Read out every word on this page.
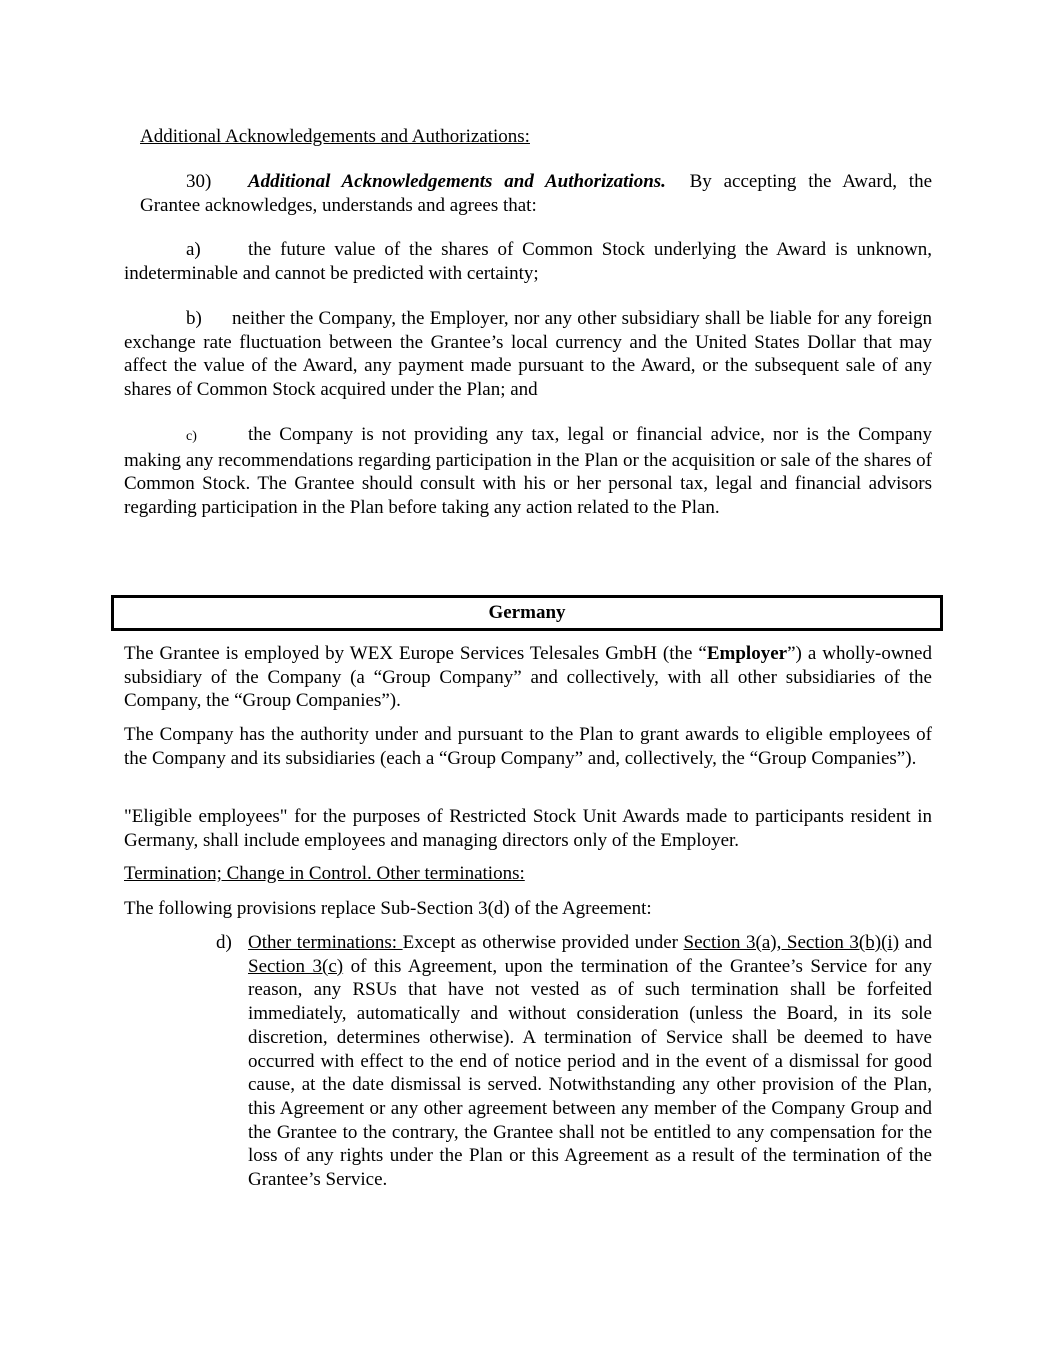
Additional Acknowledgements and Authorizations:

30) Additional Acknowledgements and Authorizations. By accepting the Award, the Grantee acknowledges, understands and agrees that:

a) the future value of the shares of Common Stock underlying the Award is unknown, indeterminable and cannot be predicted with certainty;

b) neither the Company, the Employer, nor any other subsidiary shall be liable for any foreign exchange rate fluctuation between the Grantee’s local currency and the United States Dollar that may affect the value of the Award, any payment made pursuant to the Award, or the subsequent sale of any shares of Common Stock acquired under the Plan; and

c)	the Company is not providing any tax, legal or financial advice, nor is the Company making any recommendations regarding participation in the Plan or the acquisition or sale of the shares of Common Stock. The Grantee should consult with his or her personal tax, legal and financial advisors regarding participation in the Plan before taking any action related to the Plan.

Germany

The Grantee is employed by WEX Europe Services Telesales GmbH (the “Employer”) a wholly-owned subsidiary of the Company (a “Group Company” and collectively, with all other subsidiaries of the Company, the “Group Companies”).

The Company has the authority under and pursuant to the Plan to grant awards to eligible employees of the Company and its subsidiaries (each a “Group Company” and, collectively, the “Group Companies”).

"Eligible employees" for the purposes of Restricted Stock Unit Awards made to participants resident in Germany, shall include employees and managing directors only of the Employer.

Termination; Change in Control. Other terminations:

The following provisions replace Sub-Section 3(d) of the Agreement:

d) Other terminations: Except as otherwise provided under Section 3(a), Section 3(b)(i) and Section 3(c) of this Agreement, upon the termination of the Grantee’s Service for any reason, any RSUs that have not vested as of such termination shall be forfeited immediately, automatically and without consideration (unless the Board, in its sole discretion, determines otherwise). A termination of Service shall be deemed to have occurred with effect to the end of notice period and in the event of a dismissal for good cause, at the date dismissal is served. Notwithstanding any other provision of the Plan, this Agreement or any other agreement between any member of the Company Group and the Grantee to the contrary, the Grantee shall not be entitled to any compensation for the loss of any rights under the Plan or this Agreement as a result of the termination of the Grantee’s Service.
